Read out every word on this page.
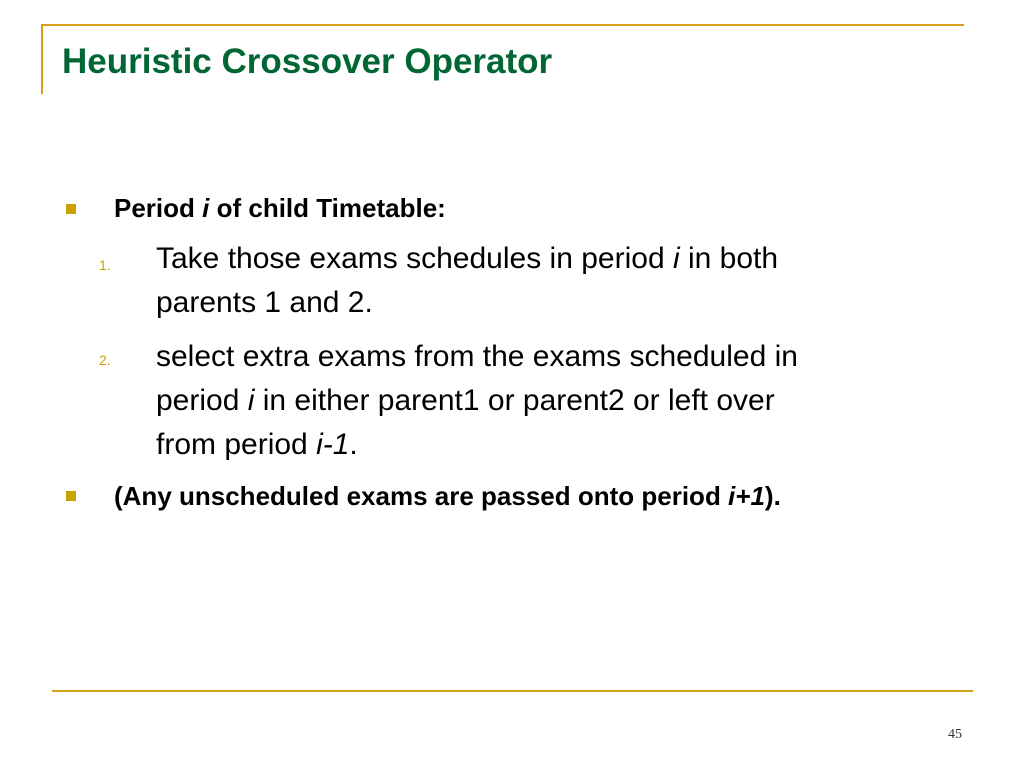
Heuristic Crossover Operator
Period i of child Timetable:
1. Take those exams schedules in period i in both
parents 1 and 2.
2. select extra exams from the exams scheduled in
period i in either parent1 or parent2 or left over
from period i-1.
(Any unscheduled exams are passed onto period i+1).
45
